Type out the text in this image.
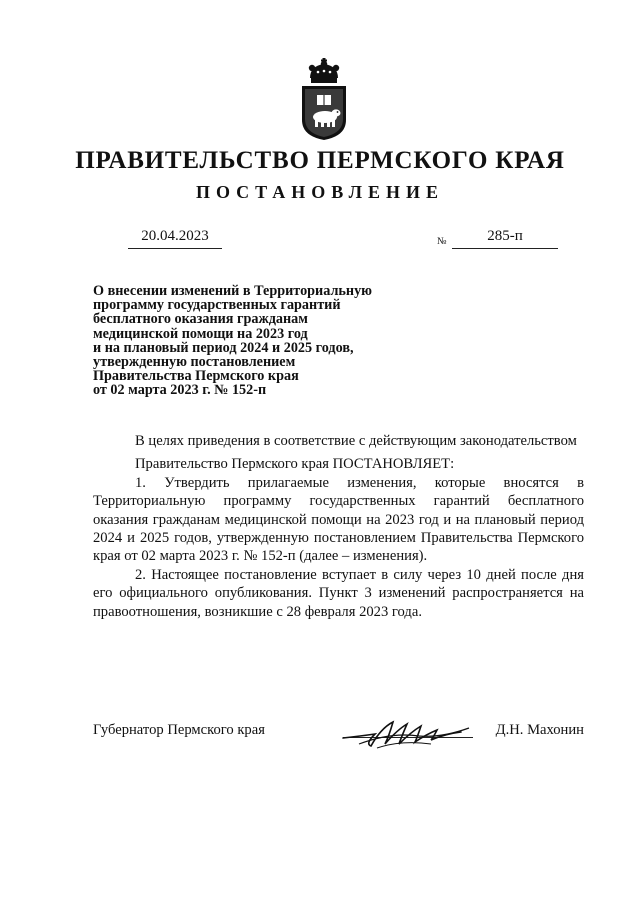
ПРАВИТЕЛЬСТВО ПЕРМСКОГО КРАЯ
ПОСТАНОВЛЕНИЕ
20.04.2023	№	285-п
О внесении изменений в Территориальную
программу государственных гарантий
бесплатного оказания гражданам
медицинской помощи на 2023 год
и на плановый период 2024 и 2025 годов,
утвержденную постановлением
Правительства Пермского края
от 02 марта 2023 г. № 152-п

В целях приведения в соответствие с действующим законодательством

Правительство Пермского края ПОСТАНОВЛЯЕТ:

1. Утвердить прилагаемые изменения, которые вносятся в Территориальную программу государственных гарантий бесплатного оказания гражданам медицинской помощи на 2023 год и на плановый период 2024 и 2025 годов, утвержденную постановлением Правительства Пермского края от 02 марта 2023 г. № 152-п (далее – изменения).

2. Настоящее постановление вступает в силу через 10 дней после дня его официального опубликования. Пункт 3 изменений распространяется на правоотношения, возникшие с 28 февраля 2023 года.

Губернатор Пермского края	Д.Н. Махонин
